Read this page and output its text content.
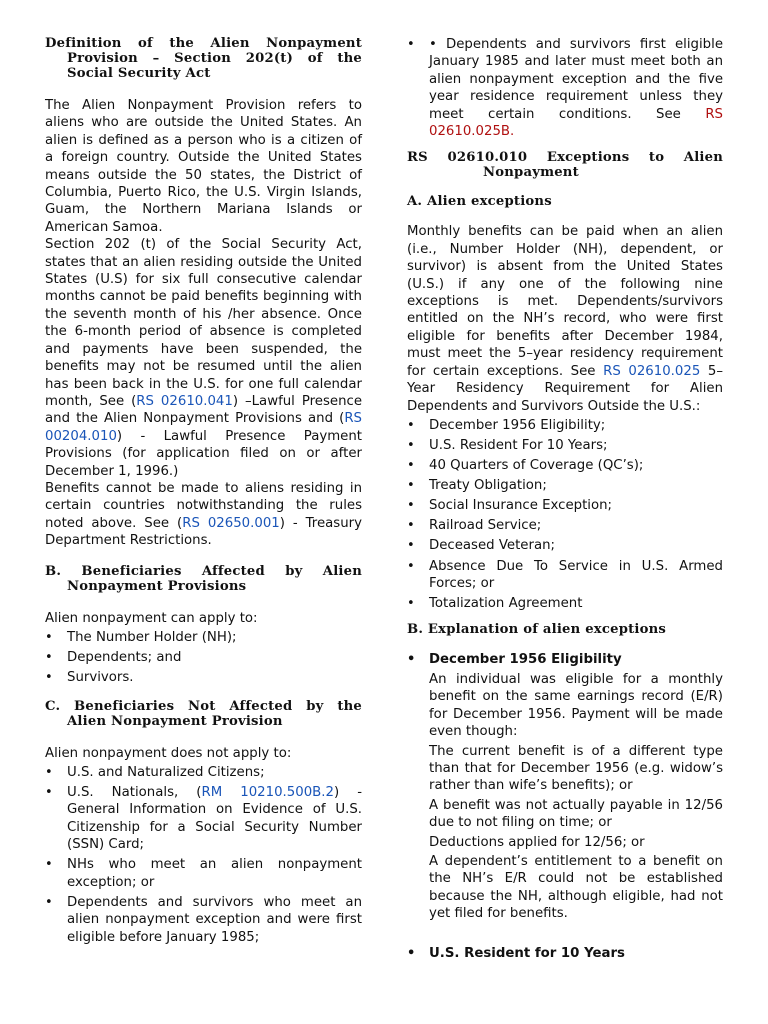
Definition of the Alien Nonpayment
Provision – Section 202(t) of the
Social Security Act

The Alien Nonpayment Provision refers to aliens who are outside the United States. An alien is defined as a person who is a citizen of a foreign country. Outside the United States means outside the 50 states, the District of Columbia, Puerto Rico, the U.S. Virgin Islands, Guam, the Northern Mariana Islands or American Samoa.

Section 202 (t) of the Social Security Act, states that an alien residing outside the United States (U.S) for six full consecutive calendar months cannot be paid benefits beginning with the seventh month of his /her absence. Once the 6-month period of absence is completed and payments have been suspended, the benefits may not be resumed until the alien has been back in the U.S. for one full calendar month, See (RS 02610.041) –Lawful Presence and the Alien Nonpayment Provisions and (RS 00204.010) - Lawful Presence Payment Provisions (for application filed on or after December 1, 1996.)

Benefits cannot be made to aliens residing in certain countries notwithstanding the rules noted above. See (RS 02650.001) - Treasury Department Restrictions.

B. Beneficiaries Affected by Alien
Nonpayment Provisions

Alien nonpayment can apply to:

• The Number Holder (NH);
• Dependents; and
• Survivors.
C. Beneficiaries Not Affected by the
Alien Nonpayment Provision

Alien nonpayment does not apply to:

• U.S. and Naturalized Citizens;
• U.S. Nationals, (RM 10210.500B.2) - General Information on Evidence of U.S. Citizenship for a Social Security Number (SSN) Card;
• NHs who meet an alien nonpayment exception; or
• Dependents and survivors who meet an alien nonpayment exception and were first eligible before January 1985;
• • Dependents and survivors first eligible January 1985 and later must meet both an alien nonpayment exception and the five year residence requirement unless they meet certain conditions. See RS 02610.025B.
RS 02610.010 Exceptions to Alien
Nonpayment
A. Alien exceptions

Monthly benefits can be paid when an alien (i.e., Number Holder (NH), dependent, or survivor) is absent from the United States (U.S.) if any one of the following nine exceptions is met. Dependents/survivors entitled on the NH’s record, who were first eligible for benefits after December 1984, must meet the 5–year residency requirement for certain exceptions. See RS 02610.025 5–Year Residency Requirement for Alien Dependents and Survivors Outside the U.S.:

• December 1956 Eligibility;
• U.S. Resident For 10 Years;
• 40 Quarters of Coverage (QC’s);
• Treaty Obligation;
• Social Insurance Exception;
• Railroad Service;
• Deceased Veteran;
• Absence Due To Service in U.S. Armed Forces; or
• Totalization Agreement
B. Explanation of alien exceptions
• December 1956 Eligibility

An individual was eligible for a monthly benefit on the same earnings record (E/R) for December 1956. Payment will be made even though:

The current benefit is of a different type than that for December 1956 (e.g. widow’s rather than wife’s benefits); or

A benefit was not actually payable in 12/56 due to not filing on time; or

Deductions applied for 12/56; or

A dependent’s entitlement to a benefit on the NH’s E/R could not be established because the NH, although eligible, had not yet filed for benefits.

• U.S. Resident for 10 Years
